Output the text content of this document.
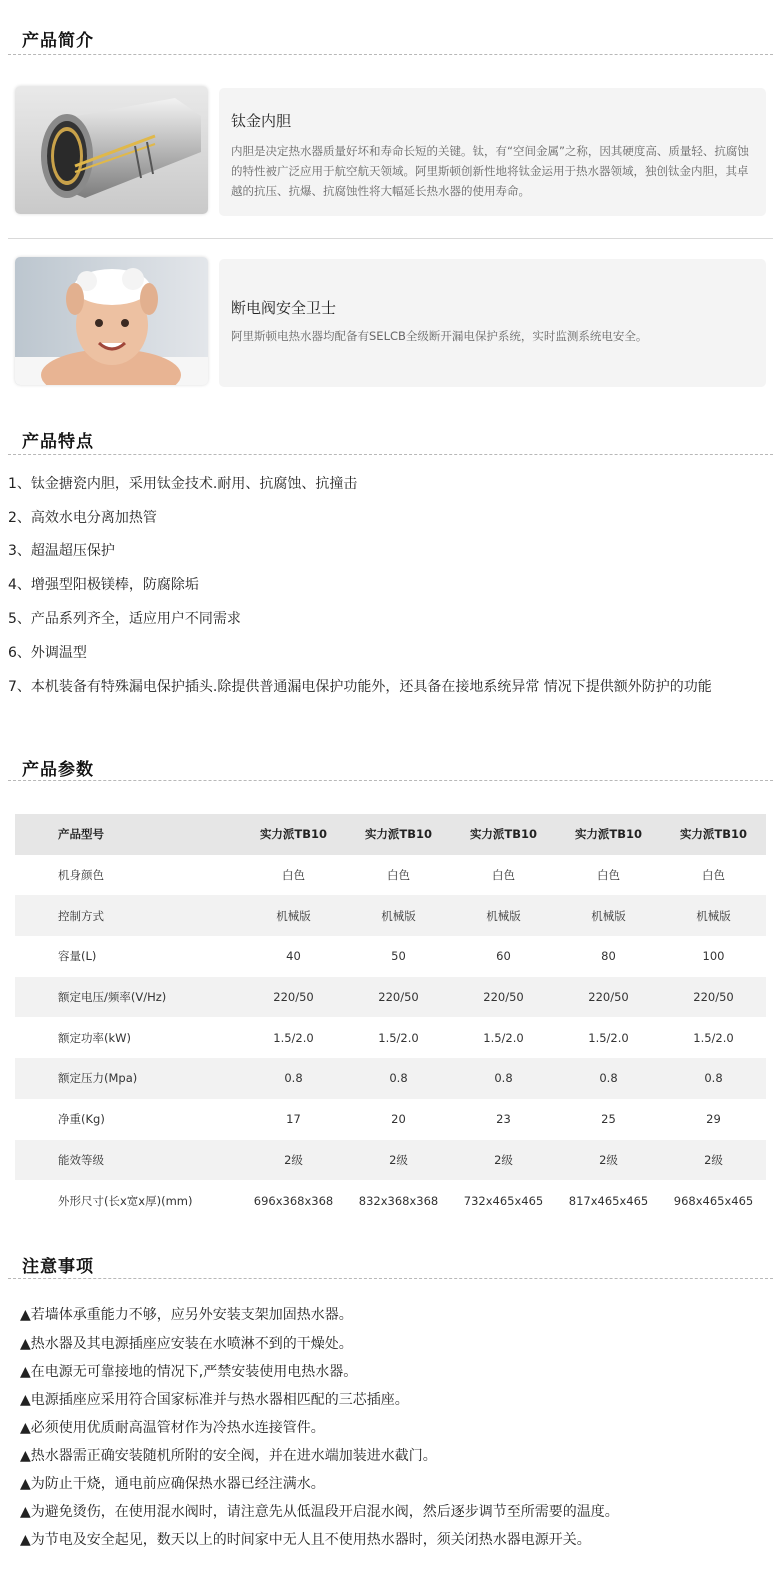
产品简介
钛金内胆
内胆是决定热水器质量好坏和寿命长短的关键。钛，有“空间金属”之称，因其硬度高、质量轻、抗腐蚀的特性被广泛应用于航空航天领域。阿里斯顿创新性地将钛金运用于热水器领域，独创钛金内胆，其卓越的抗压、抗爆、抗腐蚀性将大幅延长热水器的使用寿命。
断电阀安全卫士
阿里斯顿电热水器均配备有SELCB全级断开漏电保护系统，实时监测系统电安全。
产品特点
1、钛金搪瓷内胆，采用钛金技术.耐用、抗腐蚀、抗撞击
2、高效水电分离加热管
3、超温超压保护
4、增强型阳极镁棒，防腐除垢
5、产品系列齐全，适应用户不同需求
6、外调温型
7、本机装备有特殊漏电保护插头.除提供普通漏电保护功能外，还具备在接地系统异常 情况下提供额外防护的功能
产品参数
产品型号	实力派TB10	实力派TB10	实力派TB10	实力派TB10	实力派TB10
机身颜色	白色	白色	白色	白色	白色
控制方式	机械版	机械版	机械版	机械版	机械版
容量(L)	40	50	60	80	100
额定电压/频率(V/Hz)	220/50	220/50	220/50	220/50	220/50
额定功率(kW)	1.5/2.0	1.5/2.0	1.5/2.0	1.5/2.0	1.5/2.0
额定压力(Mpa)	0.8	0.8	0.8	0.8	0.8
净重(Kg)	17	20	23	25	29
能效等级	2级	2级	2级	2级	2级
外形尺寸(长x宽x厚)(mm)	696x368x368	832x368x368	732x465x465	817x465x465	968x465x465
注意事项
▲若墙体承重能力不够，应另外安装支架加固热水器。
▲热水器及其电源插座应安装在水喷淋不到的干燥处。
▲在电源无可靠接地的情况下,严禁安装使用电热水器。
▲电源插座应采用符合国家标准并与热水器相匹配的三芯插座。
▲必须使用优质耐高温管材作为冷热水连接管件。
▲热水器需正确安装随机所附的安全阀，并在进水端加装进水截门。
▲为防止干烧，通电前应确保热水器已经注满水。
▲为避免烫伤，在使用混水阀时，请注意先从低温段开启混水阀，然后逐步调节至所需要的温度。
▲为节电及安全起见，数天以上的时间家中无人且不使用热水器时，须关闭热水器电源开关。
